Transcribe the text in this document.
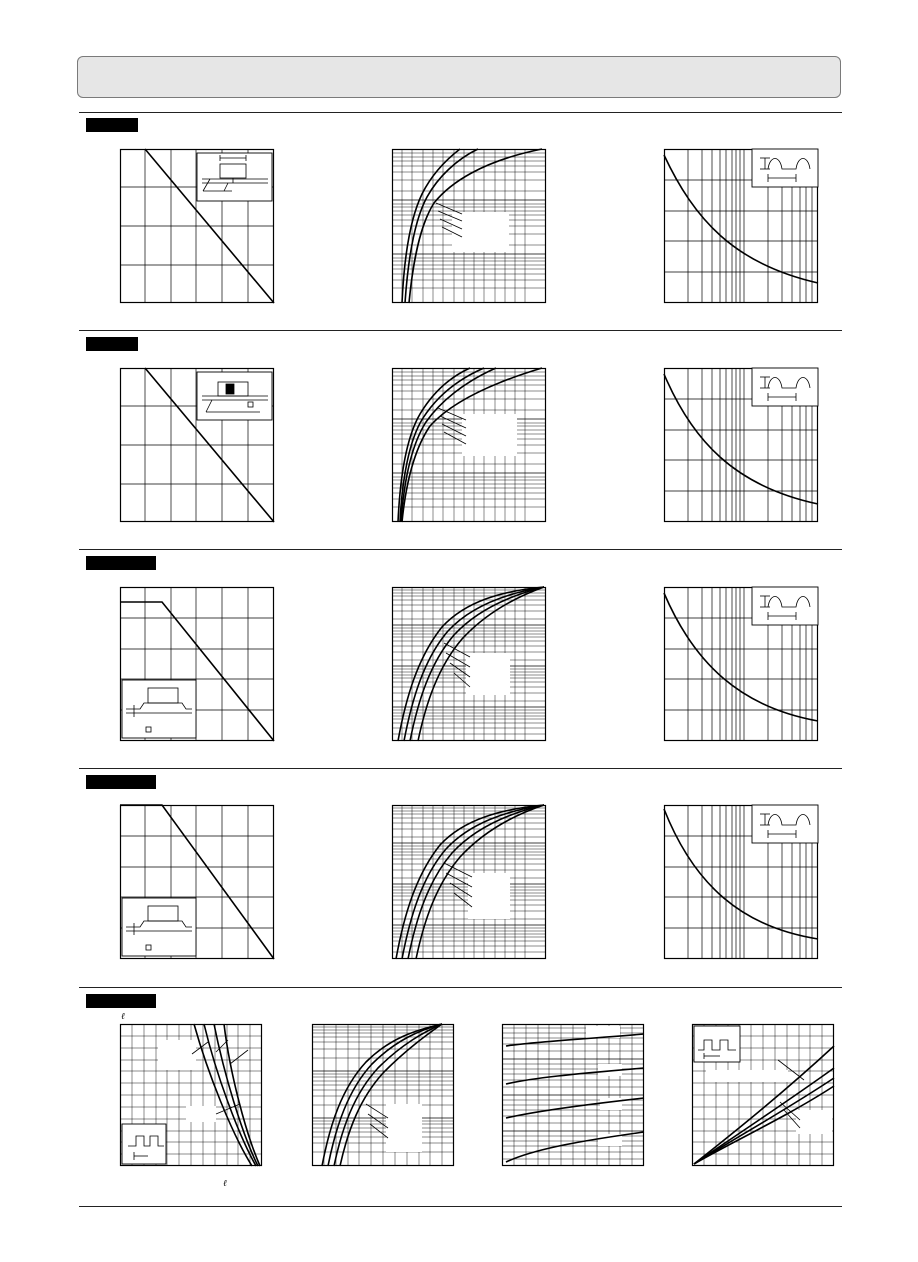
ℓ
ℓ
